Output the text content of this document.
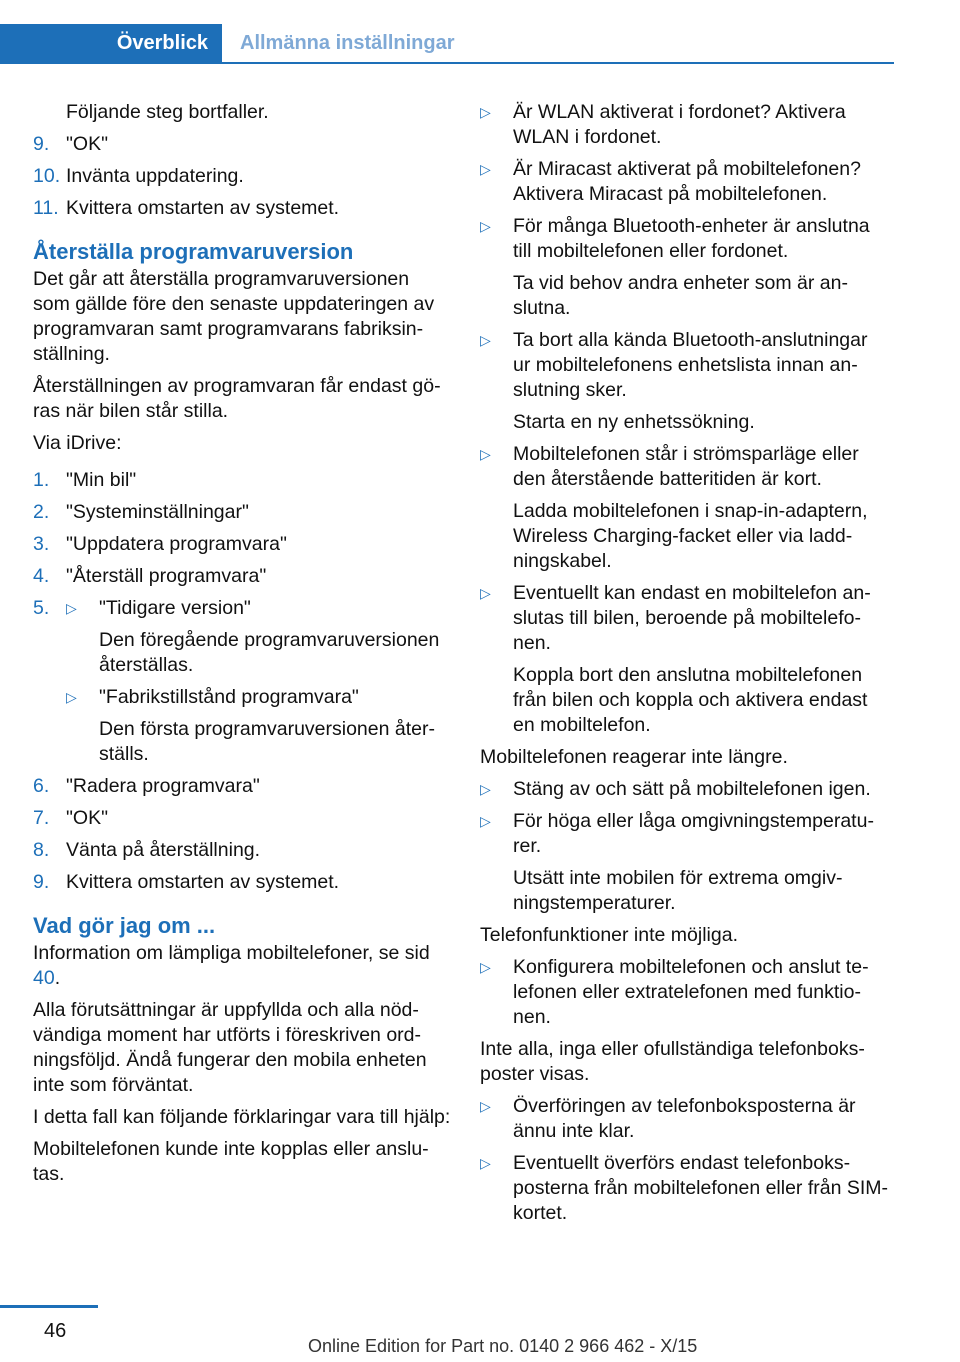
Överblick	Allmänna inställningar
Följande steg bortfaller.
9. "OK"
10. Invänta uppdatering.
11. Kvittera omstarten av systemet.
Återställa programvaruversion
Det går att återställa programvaruversionen som gällde före den senaste uppdateringen av programvaran samt programvarans fabriksinställning.
Återställningen av programvaran får endast göras när bilen står stilla.
Via iDrive:
1. "Min bil"
2. "Systeminställningar"
3. "Uppdatera programvara"
4. "Återställ programvara"
5. ▷ "Tidigare version"
Den föregående programvaruversionen återställas.
▷ "Fabrikstillstånd programvara"
Den första programvaruversionen återställs.
6. "Radera programvara"
7. "OK"
8. Vänta på återställning.
9. Kvittera omstarten av systemet.
Vad gör jag om ...
Information om lämpliga mobiltelefoner, se sid 40.
Alla förutsättningar är uppfyllda och alla nödvändiga moment har utförts i föreskriven ordningsföljd. Ändå fungerar den mobila enheten inte som förväntat.
I detta fall kan följande förklaringar vara till hjälp:
Mobiltelefonen kunde inte kopplas eller anslutas.
▷ Är WLAN aktiverat i fordonet? Aktivera WLAN i fordonet.
▷ Är Miracast aktiverat på mobiltelefonen? Aktivera Miracast på mobiltelefonen.
▷ För många Bluetooth-enheter är anslutna till mobiltelefonen eller fordonet.
Ta vid behov andra enheter som är anslutna.
▷ Ta bort alla kända Bluetooth-anslutningar ur mobiltelefonens enhetslista innan anslutning sker.
Starta en ny enhetssökning.
▷ Mobiltelefonen står i strömsparläge eller den återstående batteritiden är kort.
Ladda mobiltelefonen i snap-in-adaptern, Wireless Charging-facket eller via laddningskabel.
▷ Eventuellt kan endast en mobiltelefon anslutas till bilen, beroende på mobiltelefonen.
Koppla bort den anslutna mobiltelefonen från bilen och koppla och aktivera endast en mobiltelefon.
Mobiltelefonen reagerar inte längre.
▷ Stäng av och sätt på mobiltelefonen igen.
▷ För höga eller låga omgivningstemperaturer.
Utsätt inte mobilen för extrema omgivningstemperaturer.
Telefonfunktioner inte möjliga.
▷ Konfigurera mobiltelefonen och anslut telefonen eller extratelefonen med funktionen.
Inte alla, inga eller ofullständiga telefonboksposter visas.
▷ Överföringen av telefonboksposterna är ännu inte klar.
▷ Eventuellt överförs endast telefonboksposterna från mobiltelefonen eller från SIM-kortet.
46
Online Edition for Part no. 0140 2 966 462 - X/15
